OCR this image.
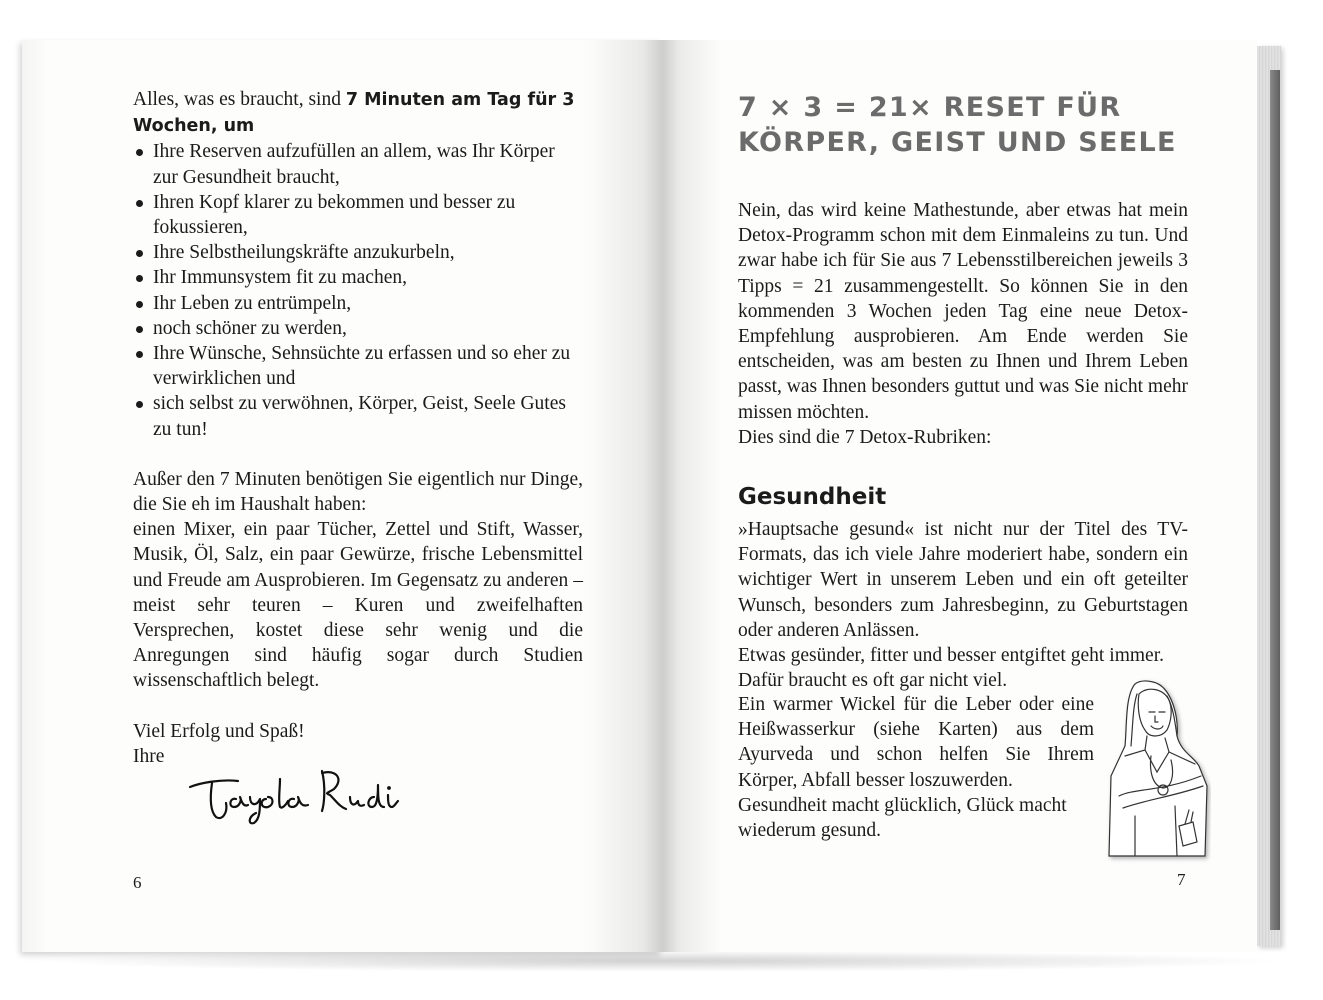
Alles, was es braucht, sind 7 Minuten am Tag für 3 Wochen, um

Ihre Reserven aufzufüllen an allem, was Ihr Körper zur Gesundheit braucht,
Ihren Kopf klarer zu bekommen und besser zu fokussieren,
Ihre Selbstheilungskräfte anzukurbeln,
Ihr Immunsystem fit zu machen,
Ihr Leben zu entrümpeln,
noch schöner zu werden,
Ihre Wünsche, Sehnsüchte zu erfassen und so eher zu verwirklichen und
sich selbst zu verwöhnen, Körper, Geist, Seele Gutes zu tun!

Außer den 7 Minuten benötigen Sie eigentlich nur Dinge, die Sie eh im Haushalt haben:

einen Mixer, ein paar Tücher, Zettel und Stift, Wasser, Musik, Öl, Salz, ein paar Gewürze, frische Lebensmittel und Freude am Ausprobieren. Im Gegensatz zu anderen – meist sehr teuren – Kuren und zweifelhaften Versprechen, kostet diese sehr wenig und die Anregungen sind häufig sogar durch Studien wissenschaftlich belegt.

Viel Erfolg und Spaß!

Ihre

6
7 × 3 = 21× RESET FÜR
KÖRPER, GEIST UND SEELE

Nein, das wird keine Mathestunde, aber etwas hat mein Detox-Programm schon mit dem Einmaleins zu tun. Und zwar habe ich für Sie aus 7 Lebensstilbereichen jeweils 3 Tipps = 21 zusammengestellt. So können Sie in den kommenden 3 Wochen jeden Tag eine neue Detox-Empfehlung ausprobieren. Am Ende werden Sie entscheiden, was am besten zu Ihnen und Ihrem Leben passt, was Ihnen besonders guttut und was Sie nicht mehr missen möchten.

Dies sind die 7 Detox-Rubriken:

Gesundheit

»Hauptsache gesund« ist nicht nur der Titel des TV-Formats, das ich viele Jahre moderiert habe, sondern ein wichtiger Wert in unserem Leben und ein oft geteilter Wunsch, besonders zum Jahresbeginn, zu Geburtstagen oder anderen Anlässen.

Etwas gesünder, fitter und besser entgiftet geht immer. Dafür braucht es oft gar nicht viel.

Ein warmer Wickel für die Leber oder eine Heißwasserkur (siehe Karten) aus dem Ayurveda und schon helfen Sie Ihrem Körper, Abfall besser loszuwerden.

Gesundheit macht glücklich, Glück macht wiederum gesund.

7
